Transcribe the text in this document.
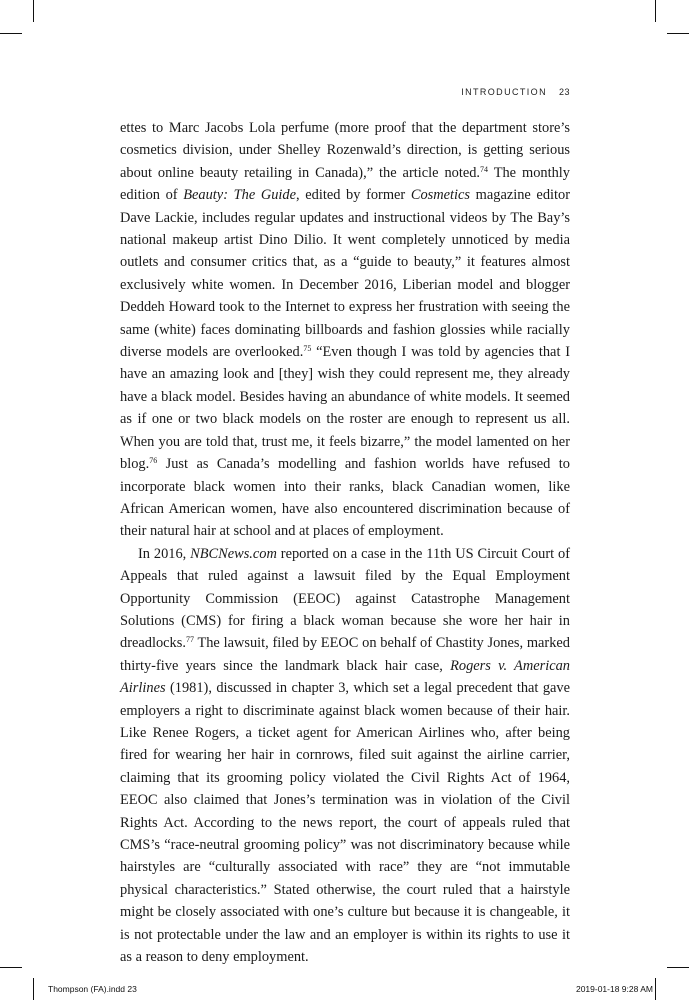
INTRODUCTION 23

ettes to Marc Jacobs Lola perfume (more proof that the department store’s cosmetics division, under Shelley Rozenwald’s direction, is getting serious about online beauty retailing in Canada),” the article noted.$^{74}$ The monthly edition of Beauty: The Guide, edited by former Cosmetics magazine editor Dave Lackie, includes regular updates and instructional videos by The Bay’s national makeup artist Dino Dilio. It went completely unnoticed by media outlets and consumer critics that, as a “guide to beauty,” it features almost exclusively white women. In December 2016, Liberian model and blogger Deddeh Howard took to the Internet to express her frustration with seeing the same (white) faces dominating billboards and fashion glossies while racially diverse models are overlooked.$^{75}$ “Even though I was told by agencies that I have an amazing look and [they] wish they could represent me, they already have a black model. Besides having an abundance of white models. It seemed as if one or two black models on the roster are enough to represent us all. When you are told that, trust me, it feels bizarre,” the model lamented on her blog.$^{76}$ Just as Canada’s modelling and fashion worlds have refused to incorporate black women into their ranks, black Canadian women, like African American women, have also encountered discrimination because of their natural hair at school and at places of employment.

In 2016, NBCNews.com reported on a case in the 11th US Circuit Court of Appeals that ruled against a lawsuit filed by the Equal Employment Opportunity Commission (EEOC) against Catastrophe Management Solutions (CMS) for firing a black woman because she wore her hair in dreadlocks.$^{77}$ The lawsuit, filed by EEOC on behalf of Chastity Jones, marked thirty-five years since the landmark black hair case, Rogers v. American Airlines (1981), discussed in chapter 3, which set a legal precedent that gave employers a right to discriminate against black women because of their hair. Like Renee Rogers, a ticket agent for American Airlines who, after being fired for wearing her hair in cornrows, filed suit against the airline carrier, claiming that its grooming policy violated the Civil Rights Act of 1964, EEOC also claimed that Jones’s termination was in violation of the Civil Rights Act. According to the news report, the court of appeals ruled that CMS’s “race-neutral grooming policy” was not discriminatory because while hairstyles are “culturally associated with race” they are “not immutable physical characteristics.” Stated otherwise, the court ruled that a hairstyle might be closely associated with one’s culture but because it is changeable, it is not protectable under the law and an employer is within its rights to use it as a reason to deny employment.

Thompson (FA).indd 23	2019-01-18 9:28 AM
